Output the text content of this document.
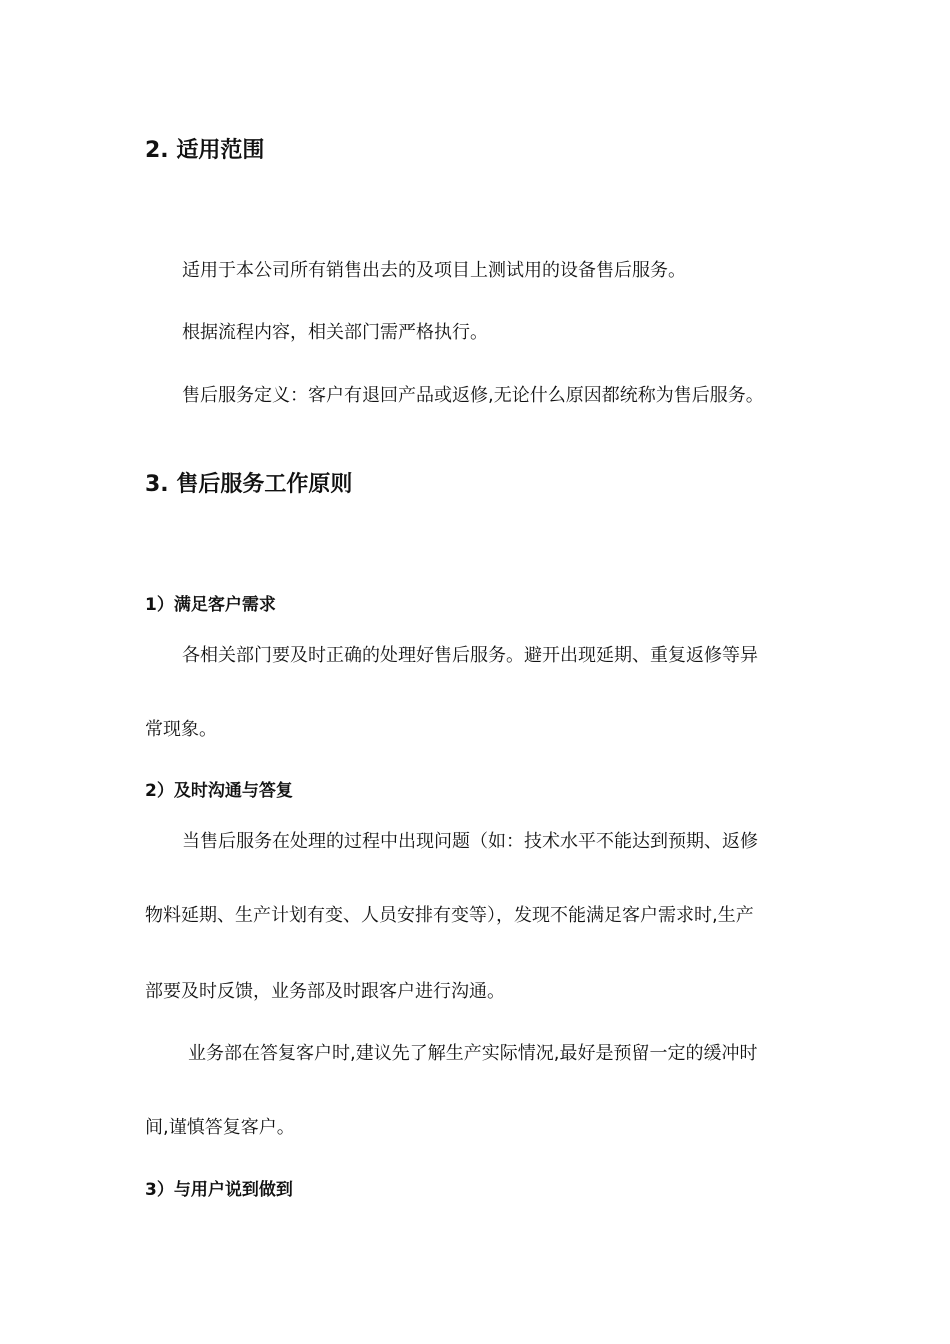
2. 适用范围

适用于本公司所有销售出去的及项目上测试用的设备售后服务。

根据流程内容，相关部门需严格执行。

售后服务定义：客户有退回产品或返修,无论什么原因都统称为售后服务。

3. 售后服务工作原则
1）满足客户需求

各相关部门要及时正确的处理好售后服务。避开出现延期、重复返修等异

常现象。

2）及时沟通与答复

当售后服务在处理的过程中出现问题（如：技术水平不能达到预期、返修

物料延期、生产计划有变、人员安排有变等），发现不能满足客户需求时,生产

部要及时反馈，业务部及时跟客户进行沟通。

业务部在答复客户时,建议先了解生产实际情况,最好是预留一定的缓冲时

间,谨慎答复客户。

3）与用户说到做到
